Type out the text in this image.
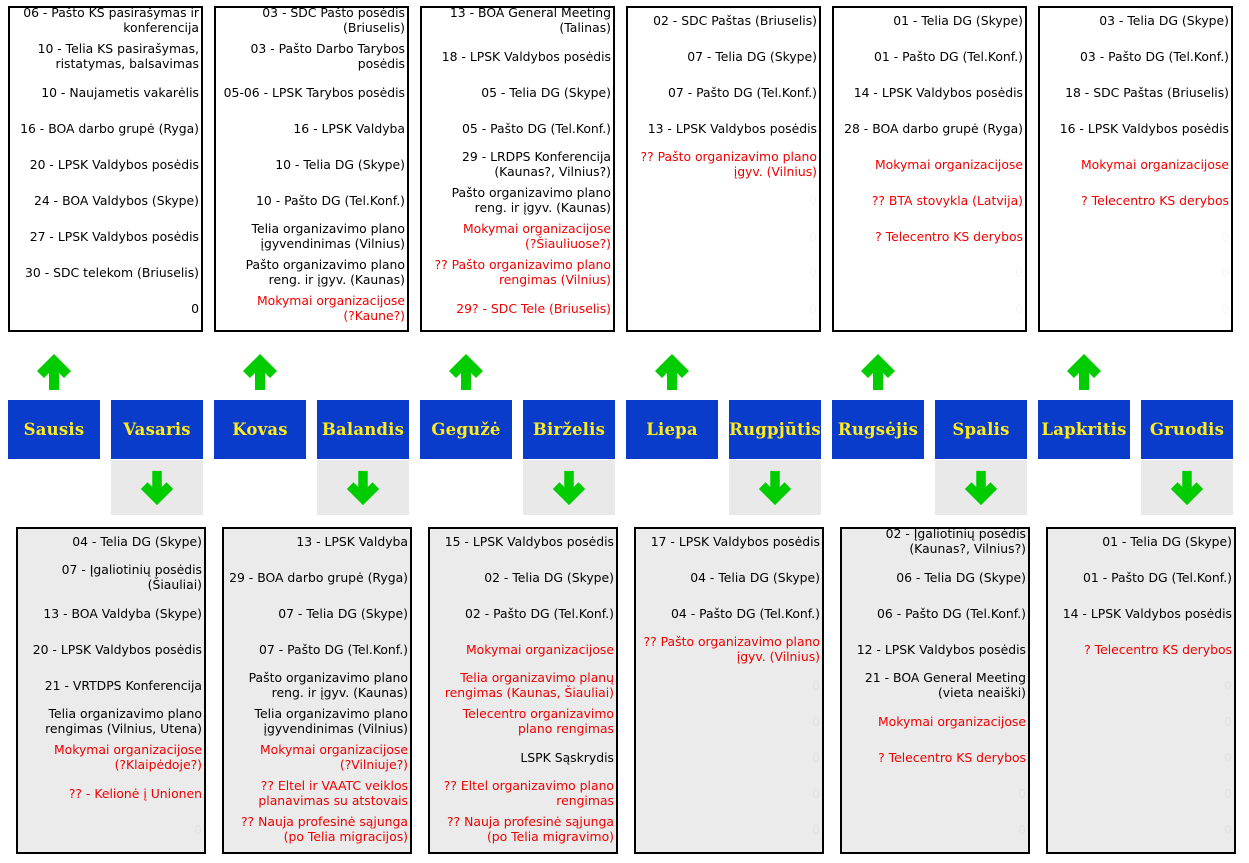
06 - Pašto KS pasirašymas ir
konferencija
10 - Telia KS pasirašymas,
ristatymas, balsavimas
10 - Naujametis vakarėlis
16 - BOA darbo grupė (Ryga)
20 - LPSK Valdybos posėdis
24 - BOA Valdybos (Skype)
27 - LPSK Valdybos posėdis
30 - SDC telekom (Briuselis)
0
03 - SDC Pašto posėdis
(Briuselis)
03 - Pašto Darbo Tarybos
posėdis
05-06 - LPSK Tarybos posėdis
16 - LPSK Valdyba
10 - Telia DG (Skype)
10 - Pašto DG (Tel.Konf.)
Telia organizavimo plano
įgyvendinimas (Vilnius)
Pašto organizavimo plano
reng. ir įgyv. (Kaunas)
Mokymai organizacijose
(?Kaune?)
13 - BOA General Meeting
(Talinas)
18 - LPSK Valdybos posėdis
05 - Telia DG (Skype)
05 - Pašto DG (Tel.Konf.)
29 - LRDPS Konferencija
(Kaunas?, Vilnius?)
Pašto organizavimo plano
reng. ir įgyv. (Kaunas)
Mokymai organizacijose
(?Šiauliuose?)
?? Pašto organizavimo plano
rengimas (Vilnius)
29? - SDC Tele (Briuselis)
02 - SDC Paštas (Briuselis)
07 - Telia DG (Skype)
07 - Pašto DG (Tel.Konf.)
13 - LPSK Valdybos posėdis
?? Pašto organizavimo plano
įgyv. (Vilnius)
0
0
0
0
01 - Telia DG (Skype)
01 - Pašto DG (Tel.Konf.)
14 - LPSK Valdybos posėdis
28 - BOA darbo grupė (Ryga)
Mokymai organizacijose
?? BTA stovykla (Latvija)
? Telecentro KS derybos
0
0
03 - Telia DG (Skype)
03 - Pašto DG (Tel.Konf.)
18 - SDC Paštas (Briuselis)
16 - LPSK Valdybos posėdis
Mokymai organizacijose
? Telecentro KS derybos
0
0
0
04 - Telia DG (Skype)
07 - Įgaliotinių posėdis
(Šiauliai)
13 - BOA Valdyba (Skype)
20 - LPSK Valdybos posėdis
21 - VRTDPS Konferencija
Telia organizavimo plano
rengimas (Vilnius, Utena)
Mokymai organizacijose
(?Klaipėdoje?)
?? - Kelionė į Unionen
0
13 - LPSK Valdyba
29 - BOA darbo grupė (Ryga)
07 - Telia DG (Skype)
07 - Pašto DG (Tel.Konf.)
Pašto organizavimo plano
reng. ir įgyv. (Kaunas)
Telia organizavimo plano
įgyvendinimas (Vilnius)
Mokymai organizacijose
(?Vilniuje?)
?? Eltel ir VAATC veiklos
planavimas su atstovais
?? Nauja profesinė sąjunga
(po Telia migracijos)
15 - LPSK Valdybos posėdis
02 - Telia DG (Skype)
02 - Pašto DG (Tel.Konf.)
Mokymai organizacijose
Telia organizavimo planų
rengimas (Kaunas, Šiauliai)
Telecentro organizavimo
plano rengimas
LSPK Sąskrydis
?? Eltel organizavimo plano
rengimas
?? Nauja profesinė sąjunga
(po Telia migravimo)
17 - LPSK Valdybos posėdis
04 - Telia DG (Skype)
04 - Pašto DG (Tel.Konf.)
?? Pašto organizavimo plano
įgyv. (Vilnius)
0
0
0
0
0
02 - Įgaliotinių posėdis
(Kaunas?, Vilnius?)
06 - Telia DG (Skype)
06 - Pašto DG (Tel.Konf.)
12 - LPSK Valdybos posėdis
21 - BOA General Meeting
(vieta neaiški)
Mokymai organizacijose
? Telecentro KS derybos
0
0
01 - Telia DG (Skype)
01 - Pašto DG (Tel.Konf.)
14 - LPSK Valdybos posėdis
? Telecentro KS derybos
0
0
0
0
0
Sausis	Vasaris	Kovas	Balandis	Gegužė	Birželis	Liepa	Rugpjūtis	Rugsėjis	Spalis	Lapkritis	Gruodis
